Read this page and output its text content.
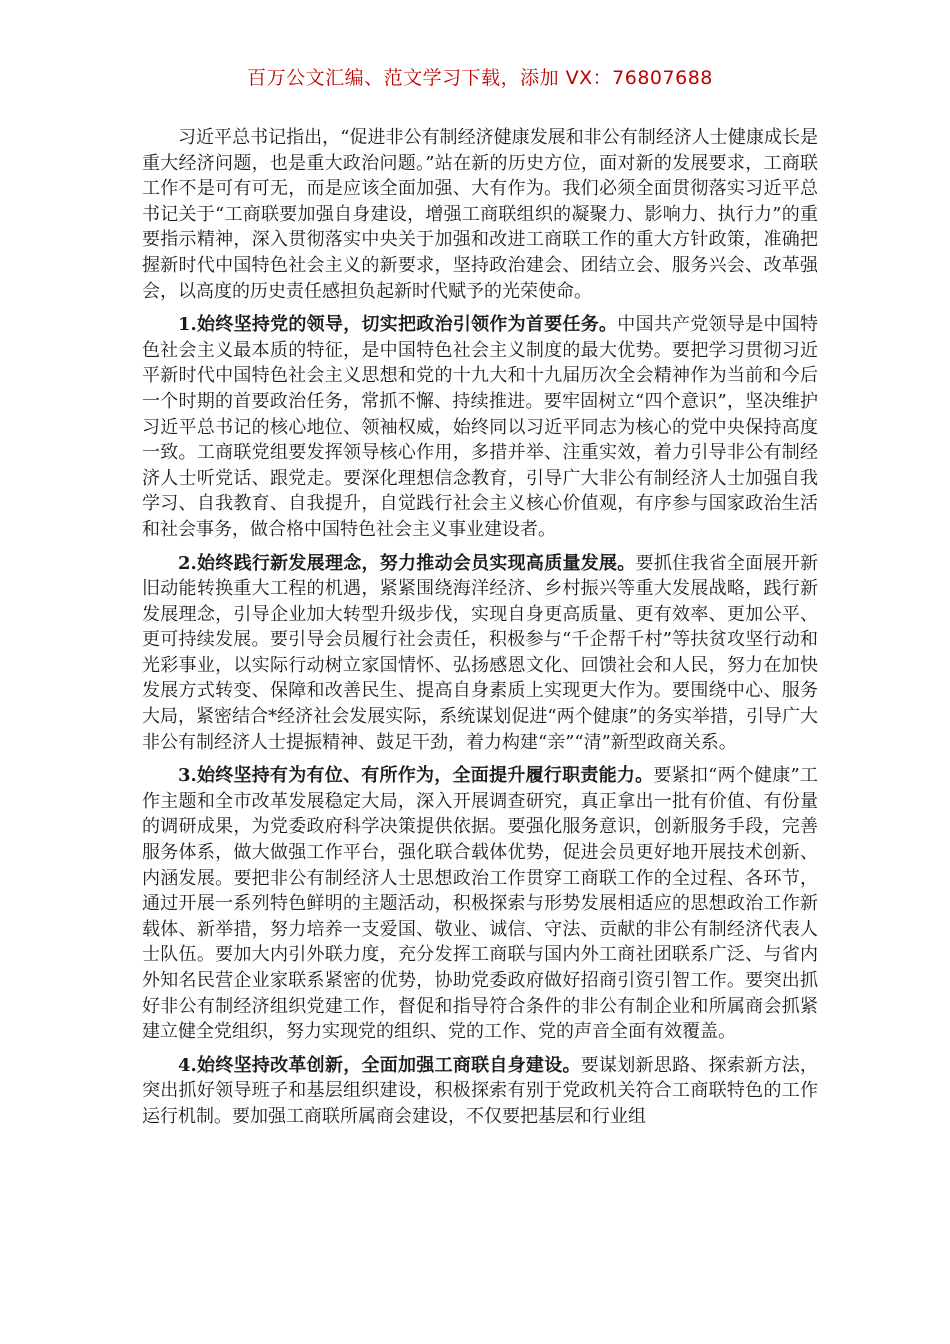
百万公文汇编、范文学习下载，添加 VX：76807688

习近平总书记指出，“促进非公有制经济健康发展和非公有制经济人士健康成长是重大经济问题，也是重大政治问题。”站在新的历史方位，面对新的发展要求，工商联工作不是可有可无，而是应该全面加强、大有作为。我们必须全面贯彻落实习近平总书记关于“工商联要加强自身建设，增强工商联组织的凝聚力、影响力、执行力”的重要指示精神，深入贯彻落实中央关于加强和改进工商联工作的重大方针政策，准确把握新时代中国特色社会主义的新要求，坚持政治建会、团结立会、服务兴会、改革强会，以高度的历史责任感担负起新时代赋予的光荣使命。

1.始终坚持党的领导，切实把政治引领作为首要任务。中国共产党领导是中国特色社会主义最本质的特征，是中国特色社会主义制度的最大优势。要把学习贯彻习近平新时代中国特色社会主义思想和党的十九大和十九届历次全会精神作为当前和今后一个时期的首要政治任务，常抓不懈、持续推进。要牢固树立“四个意识”，坚决维护习近平总书记的核心地位、领袖权威，始终同以习近平同志为核心的党中央保持高度一致。工商联党组要发挥领导核心作用，多措并举、注重实效，着力引导非公有制经济人士听党话、跟党走。要深化理想信念教育，引导广大非公有制经济人士加强自我学习、自我教育、自我提升，自觉践行社会主义核心价值观，有序参与国家政治生活和社会事务，做合格中国特色社会主义事业建设者。

2.始终践行新发展理念，努力推动会员实现高质量发展。要抓住我省全面展开新旧动能转换重大工程的机遇，紧紧围绕海洋经济、乡村振兴等重大发展战略，践行新发展理念，引导企业加大转型升级步伐，实现自身更高质量、更有效率、更加公平、更可持续发展。要引导会员履行社会责任，积极参与“千企帮千村”等扶贫攻坚行动和光彩事业，以实际行动树立家国情怀、弘扬感恩文化、回馈社会和人民，努力在加快发展方式转变、保障和改善民生、提高自身素质上实现更大作为。要围绕中心、服务大局，紧密结合*经济社会发展实际，系统谋划促进“两个健康”的务实举措，引导广大非公有制经济人士提振精神、鼓足干劲，着力构建“亲”“清”新型政商关系。

3.始终坚持有为有位、有所作为，全面提升履行职责能力。要紧扣“两个健康”工作主题和全市改革发展稳定大局，深入开展调查研究，真正拿出一批有价值、有份量的调研成果，为党委政府科学决策提供依据。要强化服务意识，创新服务手段，完善服务体系，做大做强工作平台，强化联合载体优势，促进会员更好地开展技术创新、内涵发展。要把非公有制经济人士思想政治工作贯穿工商联工作的全过程、各环节，通过开展一系列特色鲜明的主题活动，积极探索与形势发展相适应的思想政治工作新载体、新举措，努力培养一支爱国、敬业、诚信、守法、贡献的非公有制经济代表人士队伍。要加大内引外联力度，充分发挥工商联与国内外工商社团联系广泛、与省内外知名民营企业家联系紧密的优势，协助党委政府做好招商引资引智工作。要突出抓好非公有制经济组织党建工作，督促和指导符合条件的非公有制企业和所属商会抓紧建立健全党组织，努力实现党的组织、党的工作、党的声音全面有效覆盖。

4.始终坚持改革创新，全面加强工商联自身建设。要谋划新思路、探索新方法，突出抓好领导班子和基层组织建设，积极探索有别于党政机关符合工商联特色的工作运行机制。要加强工商联所属商会建设，不仅要把基层和行业组
